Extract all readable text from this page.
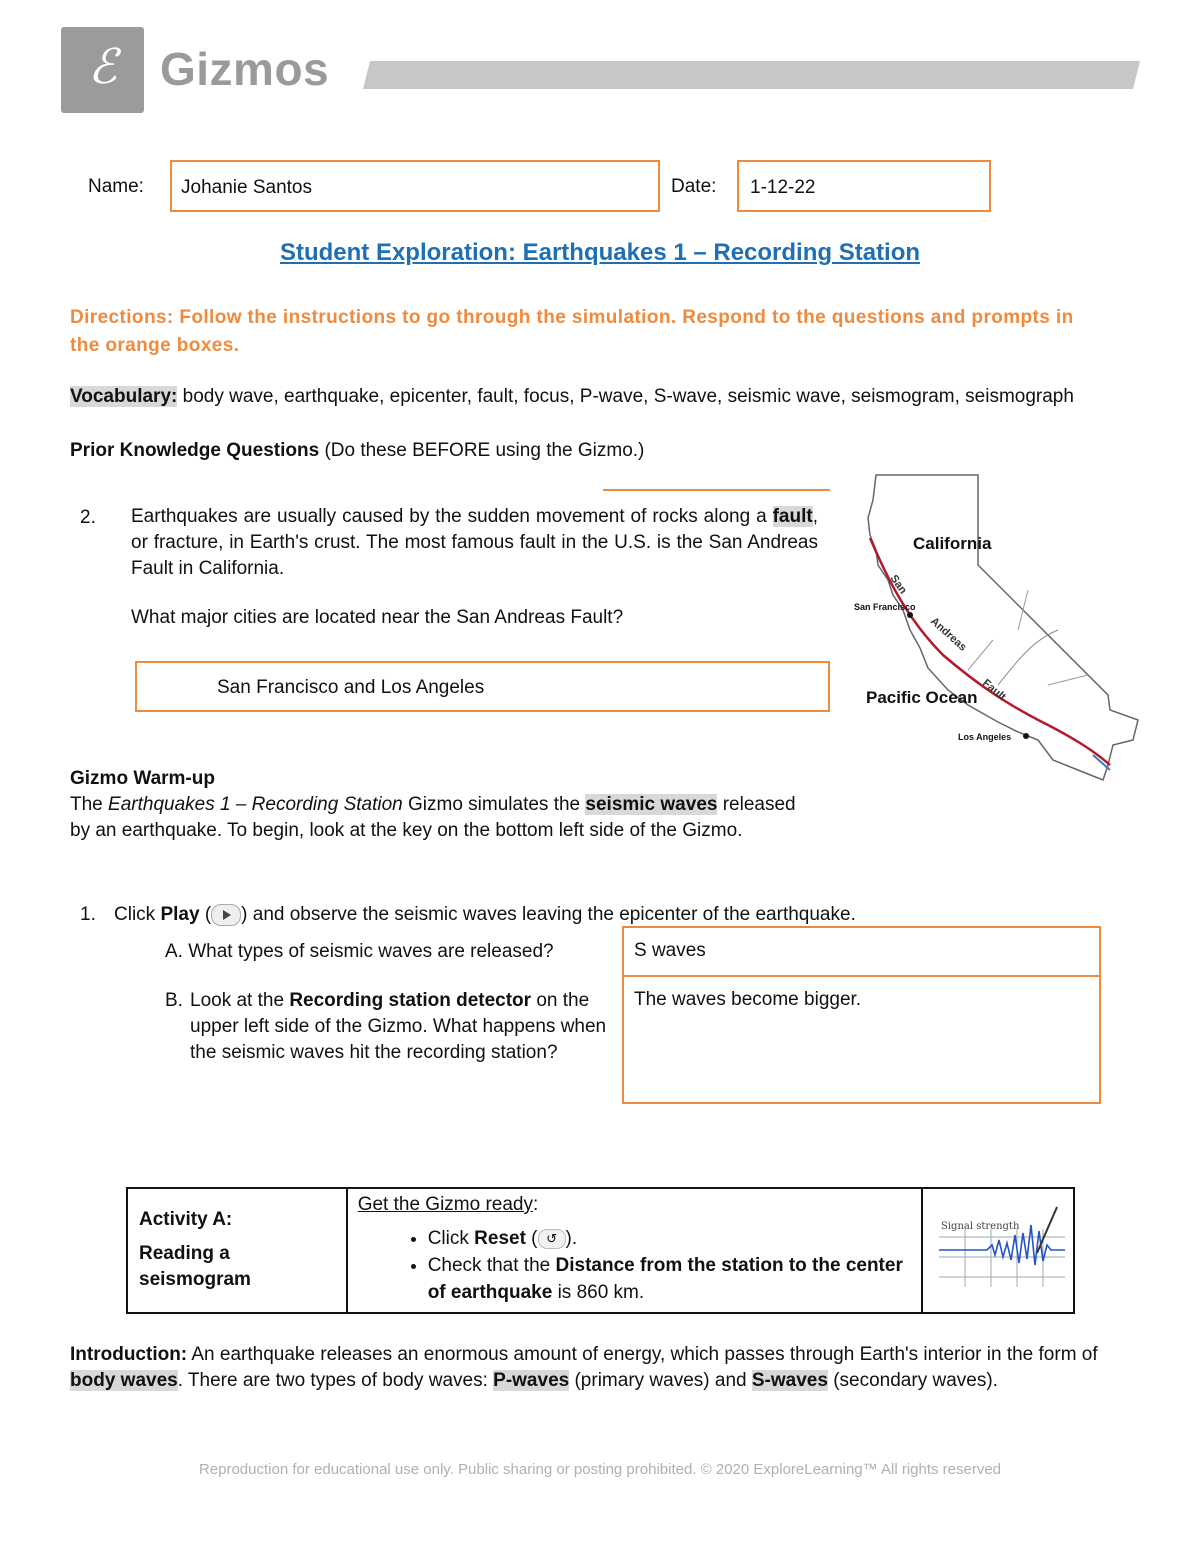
ℰ Gizmos
Name: Johanie Santos	Date: 1-12-22
Student Exploration: Earthquakes 1 – Recording Station
Directions: Follow the instructions to go through the simulation. Respond to the questions and prompts in the orange boxes.
Vocabulary: body wave, earthquake, epicenter, fault, focus, P-wave, S-wave, seismic wave, seismogram, seismograph
Prior Knowledge Questions (Do these BEFORE using the Gizmo.)
2. Earthquakes are usually caused by the sudden movement of rocks along a fault, or fracture, in Earth's crust. The most famous fault in the U.S. is the San Andreas Fault in California.
What major cities are located near the San Andreas Fault?
San Francisco and Los Angeles
California
San
Andreas
Fault
San Francisco
Los Angeles
Pacific Ocean
Gizmo Warm-up
The Earthquakes 1 – Recording Station Gizmo simulates the seismic waves released by an earthquake. To begin, look at the key on the bottom left side of the Gizmo.
1. Click Play ( ) and observe the seismic waves leaving the epicenter of the earthquake.
A. What types of seismic waves are released?	S waves
B. Look at the Recording station detector on the upper left side of the Gizmo. What happens when the seismic waves hit the recording station?
The waves become bigger.
Activity A:
Reading a seismogram

Get the Gizmo ready:
• Click Reset ( ↺ ).
• Check that the Distance from the station to the center of earthquake is 860 km.

Signal strength
Introduction: An earthquake releases an enormous amount of energy, which passes through Earth's interior in the form of body waves. There are two types of body waves: P-waves (primary waves) and S-waves (secondary waves).
Reproduction for educational use only. Public sharing or posting prohibited. © 2020 ExploreLearning™ All rights reserved
